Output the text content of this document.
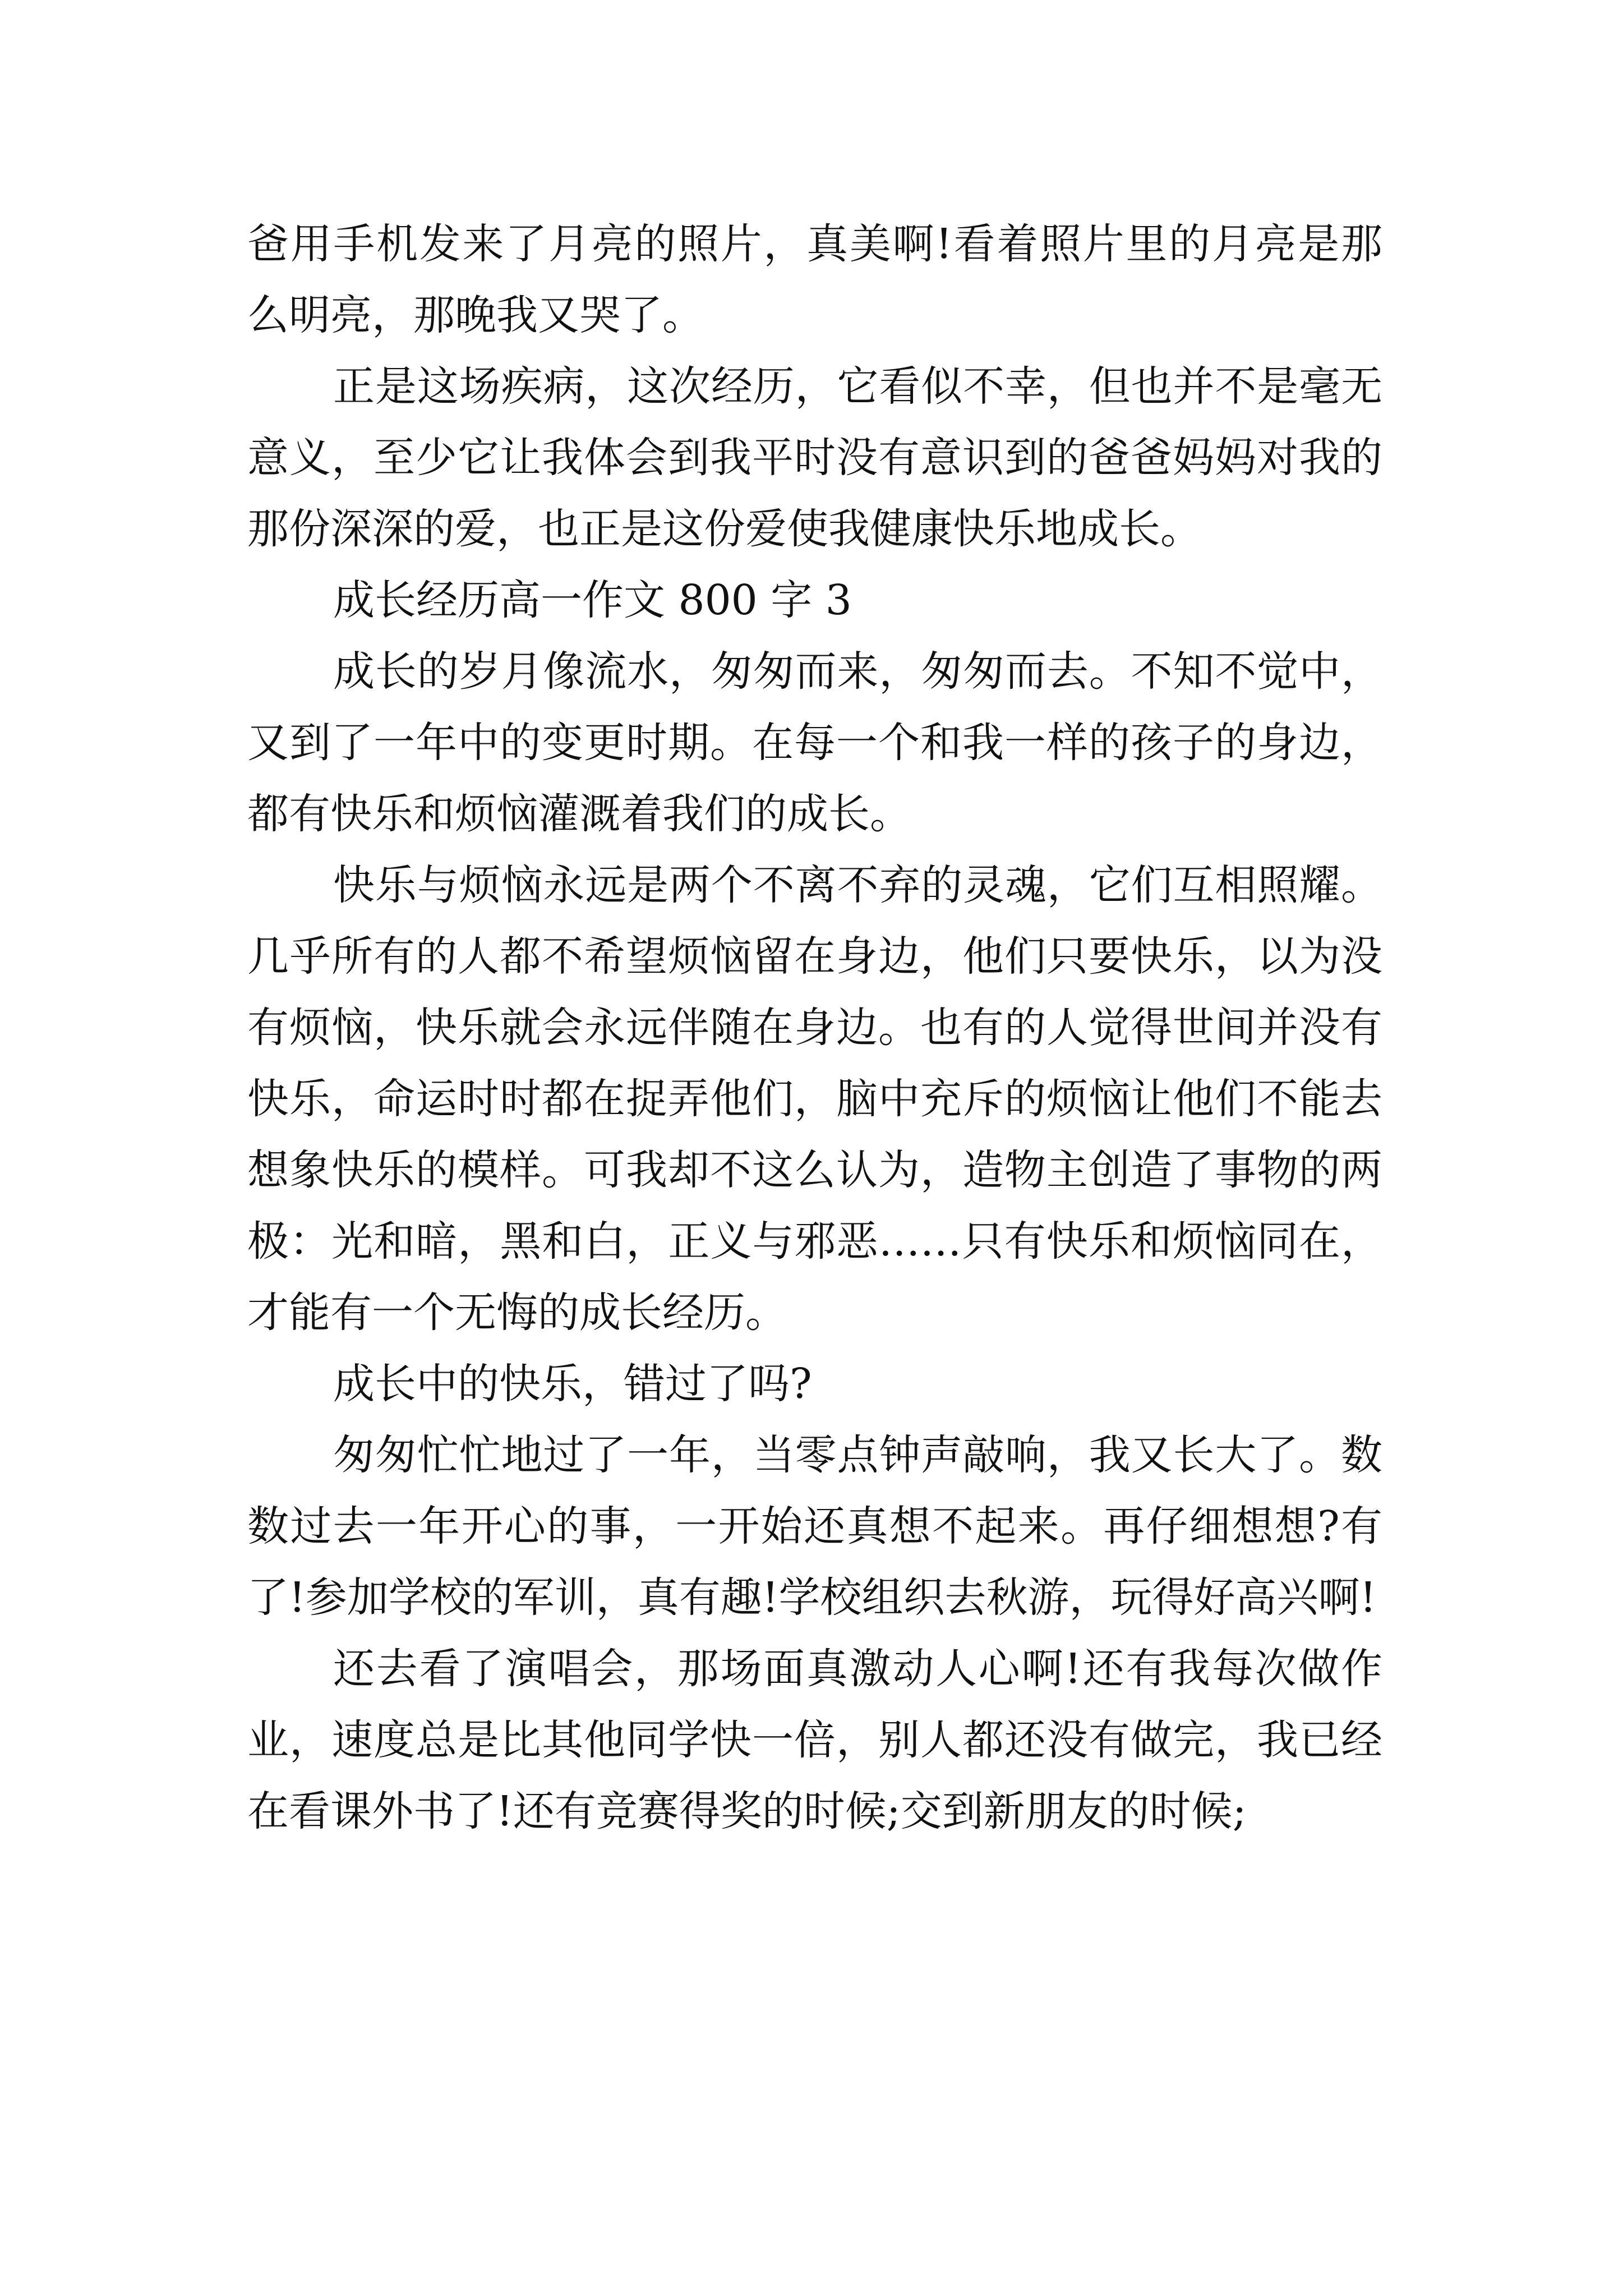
爸用手机发来了月亮的照片，真美啊!看着照片里的月亮是那么明亮，那晚我又哭了。

正是这场疾病，这次经历，它看似不幸，但也并不是毫无意义，至少它让我体会到我平时没有意识到的爸爸妈妈对我的那份深深的爱，也正是这份爱使我健康快乐地成长。

成长经历高一作文 800 字 3

成长的岁月像流水，匆匆而来，匆匆而去。不知不觉中，又到了一年中的变更时期。在每一个和我一样的孩子的身边，都有快乐和烦恼灌溉着我们的成长。

快乐与烦恼永远是两个不离不弃的灵魂，它们互相照耀。几乎所有的人都不希望烦恼留在身边，他们只要快乐，以为没有烦恼，快乐就会永远伴随在身边。也有的人觉得世间并没有快乐，命运时时都在捉弄他们，脑中充斥的烦恼让他们不能去想象快乐的模样。可我却不这么认为，造物主创造了事物的两极：光和暗，黑和白，正义与邪恶……只有快乐和烦恼同在，才能有一个无悔的成长经历。

成长中的快乐，错过了吗?

匆匆忙忙地过了一年，当零点钟声敲响，我又长大了。数数过去一年开心的事，一开始还真想不起来。再仔细想想?有了!参加学校的军训，真有趣!学校组织去秋游，玩得好高兴啊!

还去看了演唱会，那场面真激动人心啊!还有我每次做作业，速度总是比其他同学快一倍，别人都还没有做完，我已经在看课外书了!还有竞赛得奖的时候;交到新朋友的时候;
